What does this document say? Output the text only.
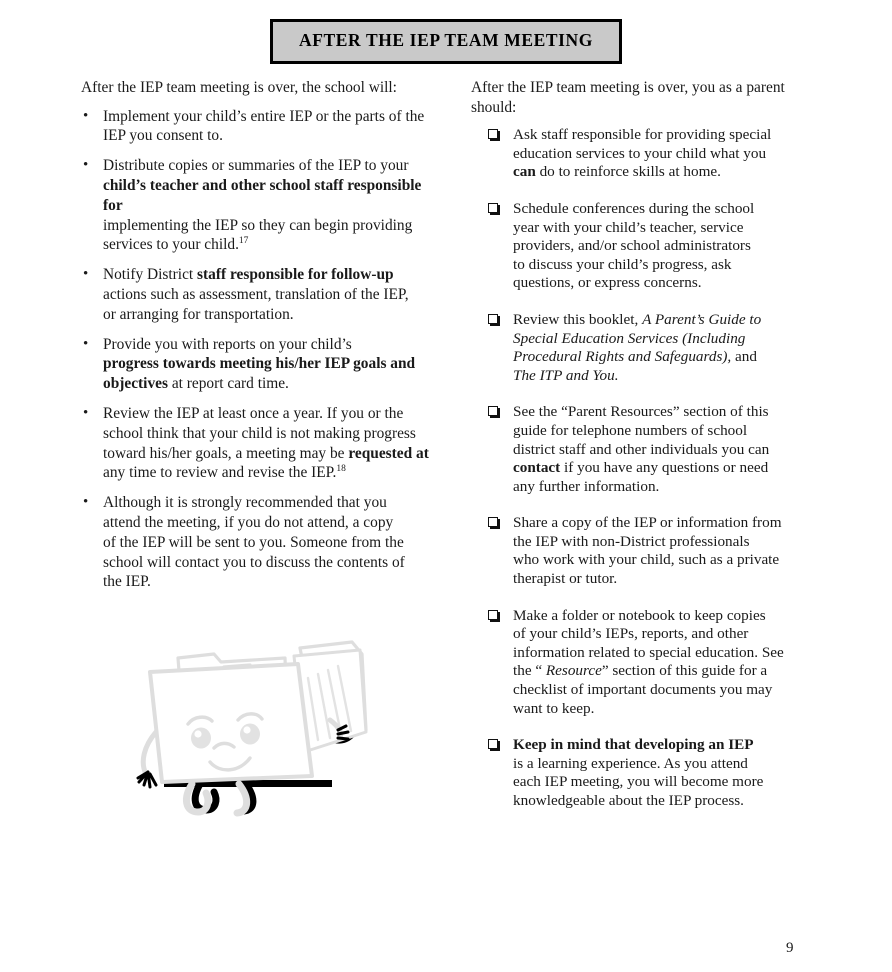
AFTER THE IEP TEAM MEETING

After the IEP team meeting is over, the school will:

• Implement your child’s entire IEP or the parts of the
IEP you consent to.
• Distribute copies or summaries of the IEP to your
child’s teacher and other school staff responsible for
implementing the IEP so they can begin providing
services to your child.$^{17}$
• Notify District staff responsible for follow-up
actions such as assessment, translation of the IEP,
or arranging for transportation.
• Provide you with reports on your child’s
progress towards meeting his/her IEP goals and
objectives at report card time.
• Review the IEP at least once a year. If you or the
school think that your child is not making progress
toward his/her goals, a meeting may be requested at
any time to review and revise the IEP.$^{18}$
• Although it is strongly recommended that you
attend the meeting, if you do not attend, a copy
of the IEP will be sent to you. Someone from the
school will contact you to discuss the contents of
the IEP.

After the IEP team meeting is over, you as a parent
should:

Ask staff responsible for providing special
education services to your child what you
can do to reinforce skills at home.
Schedule conferences during the school
year with your child’s teacher, service
providers, and/or school administrators
to discuss your child’s progress, ask
questions, or express concerns.
Review this booklet, A Parent’s Guide to
Special Education Services (Including
Procedural Rights and Safeguards), and
The ITP and You.
See the “Parent Resources” section of this
guide for telephone numbers of school
district staff and other individuals you can
contact if you have any questions or need
any further information.
Share a copy of the IEP or information from
the IEP with non-District professionals
who work with your child, such as a private
therapist or tutor.
Make a folder or notebook to keep copies
of your child’s IEPs, reports, and other
information related to special education. See
the “ Resource” section of this guide for a
checklist of important documents you may
want to keep.
Keep in mind that developing an IEP
is a learning experience. As you attend
each IEP meeting, you will become more
knowledgeable about the IEP process.
9
